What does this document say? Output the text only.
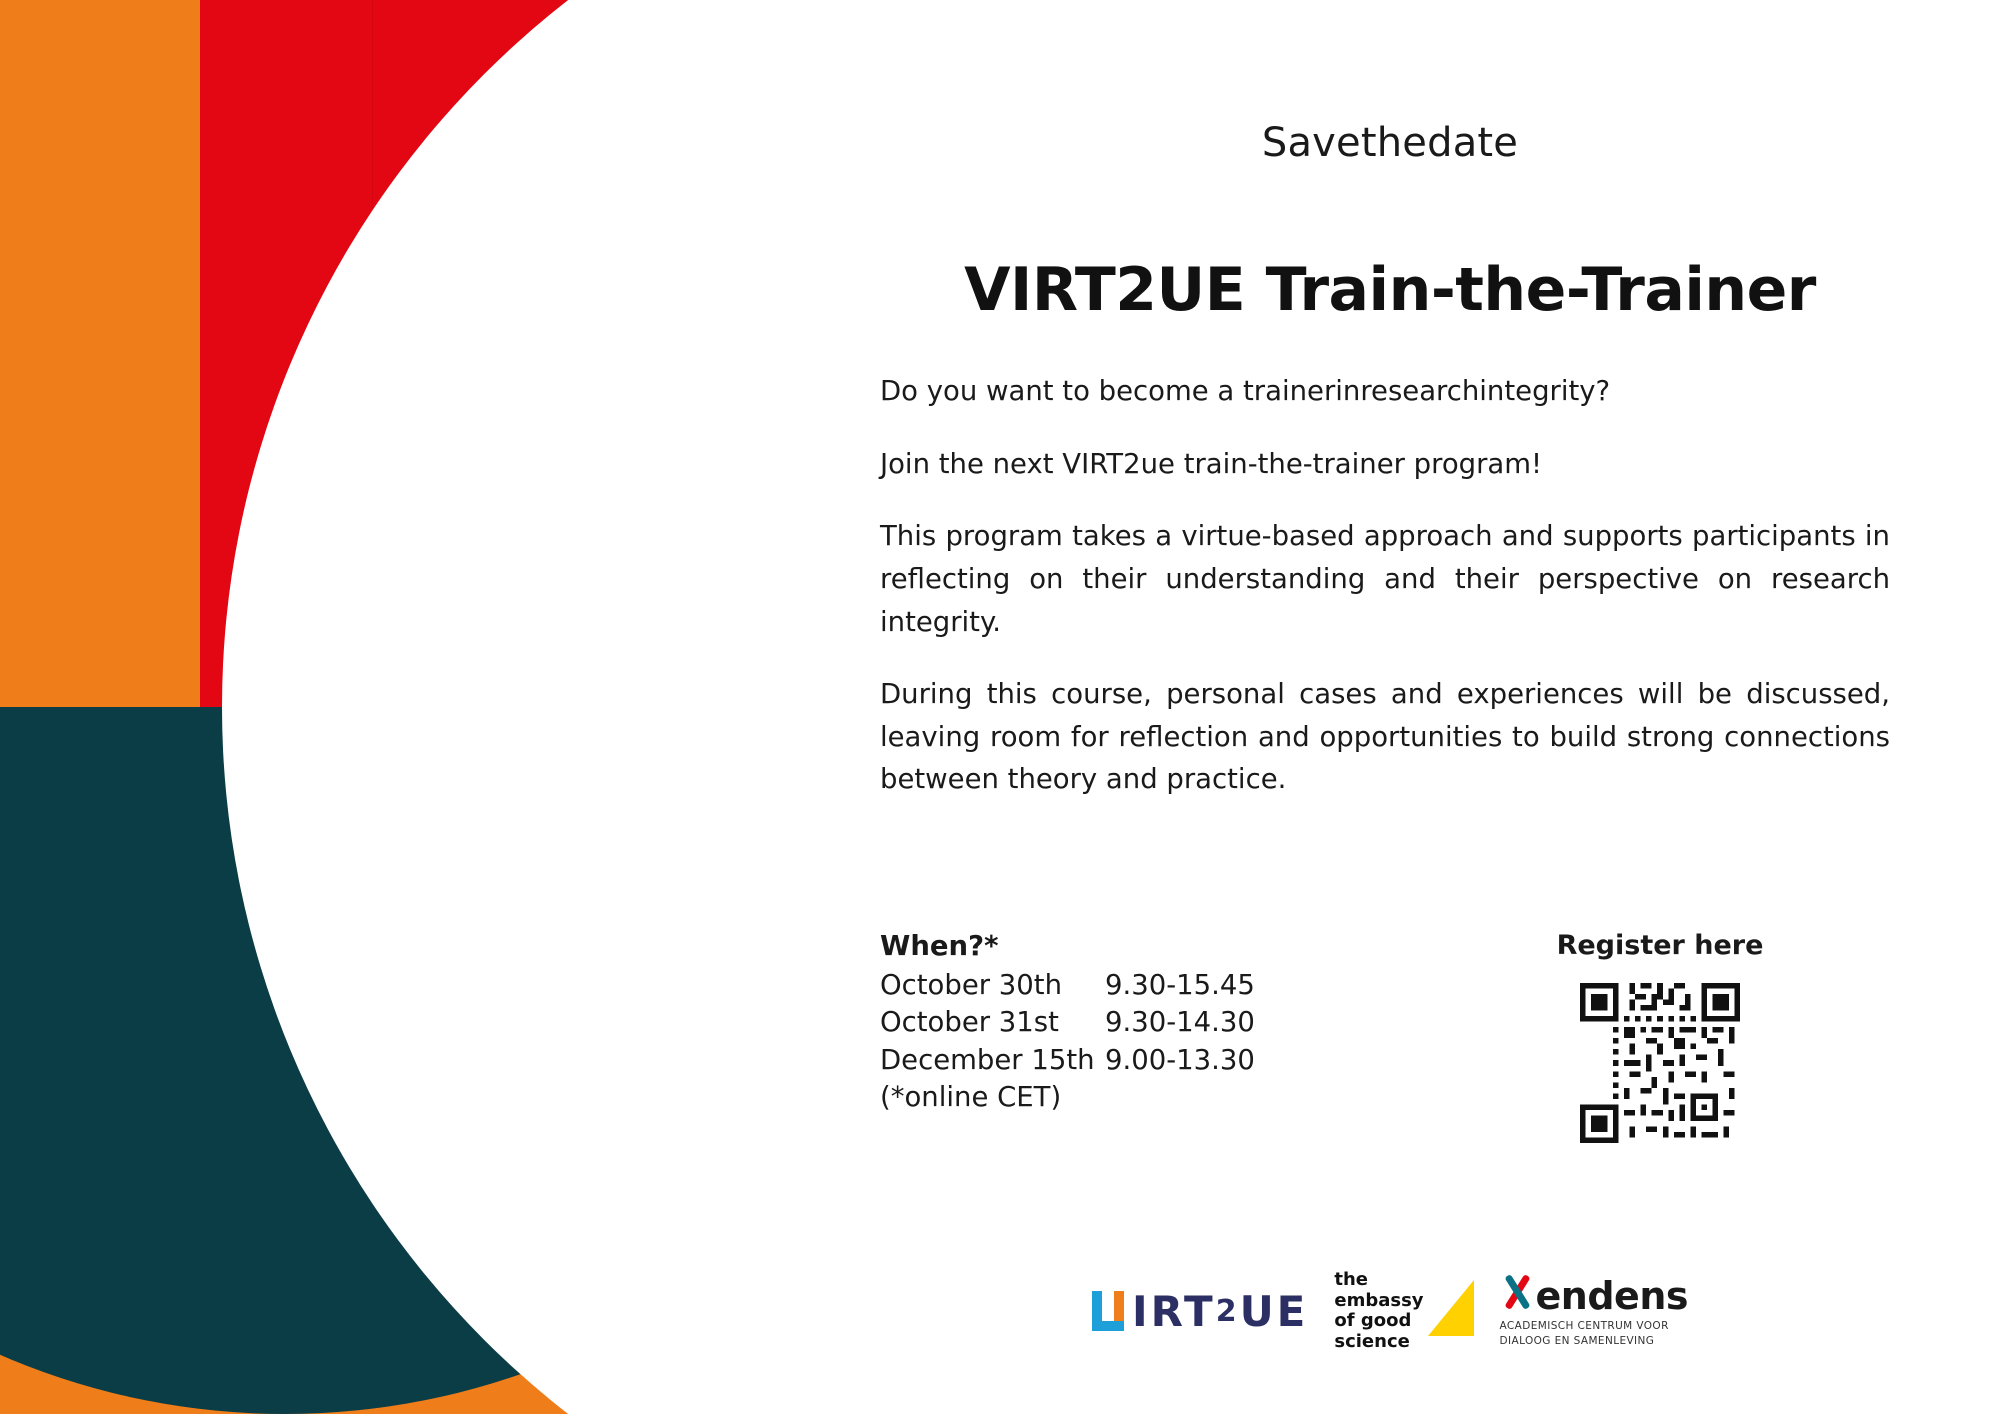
Savethedate
VIRT2UE Train-the-Trainer

Do you want to become a trainerinresearchintegrity?

Join the next VIRT2ue train-the-trainer program!

This program takes a virtue-based approach and supports participants in reflecting on their understanding and their perspective on research integrity.

During this course, personal cases and experiences will be discussed, leaving room for reflection and opportunities to build strong connections between theory and practice.

When?*
October 30th	9.30-15.45
October 31st	9.30-14.30
December 15th 9.00-13.30
(*online CET)
Register here
IRT 2 UE
the
embassy
of good
science
endens
ACADEMISCH CENTRUM VOOR
DIALOOG EN SAMENLEVING
